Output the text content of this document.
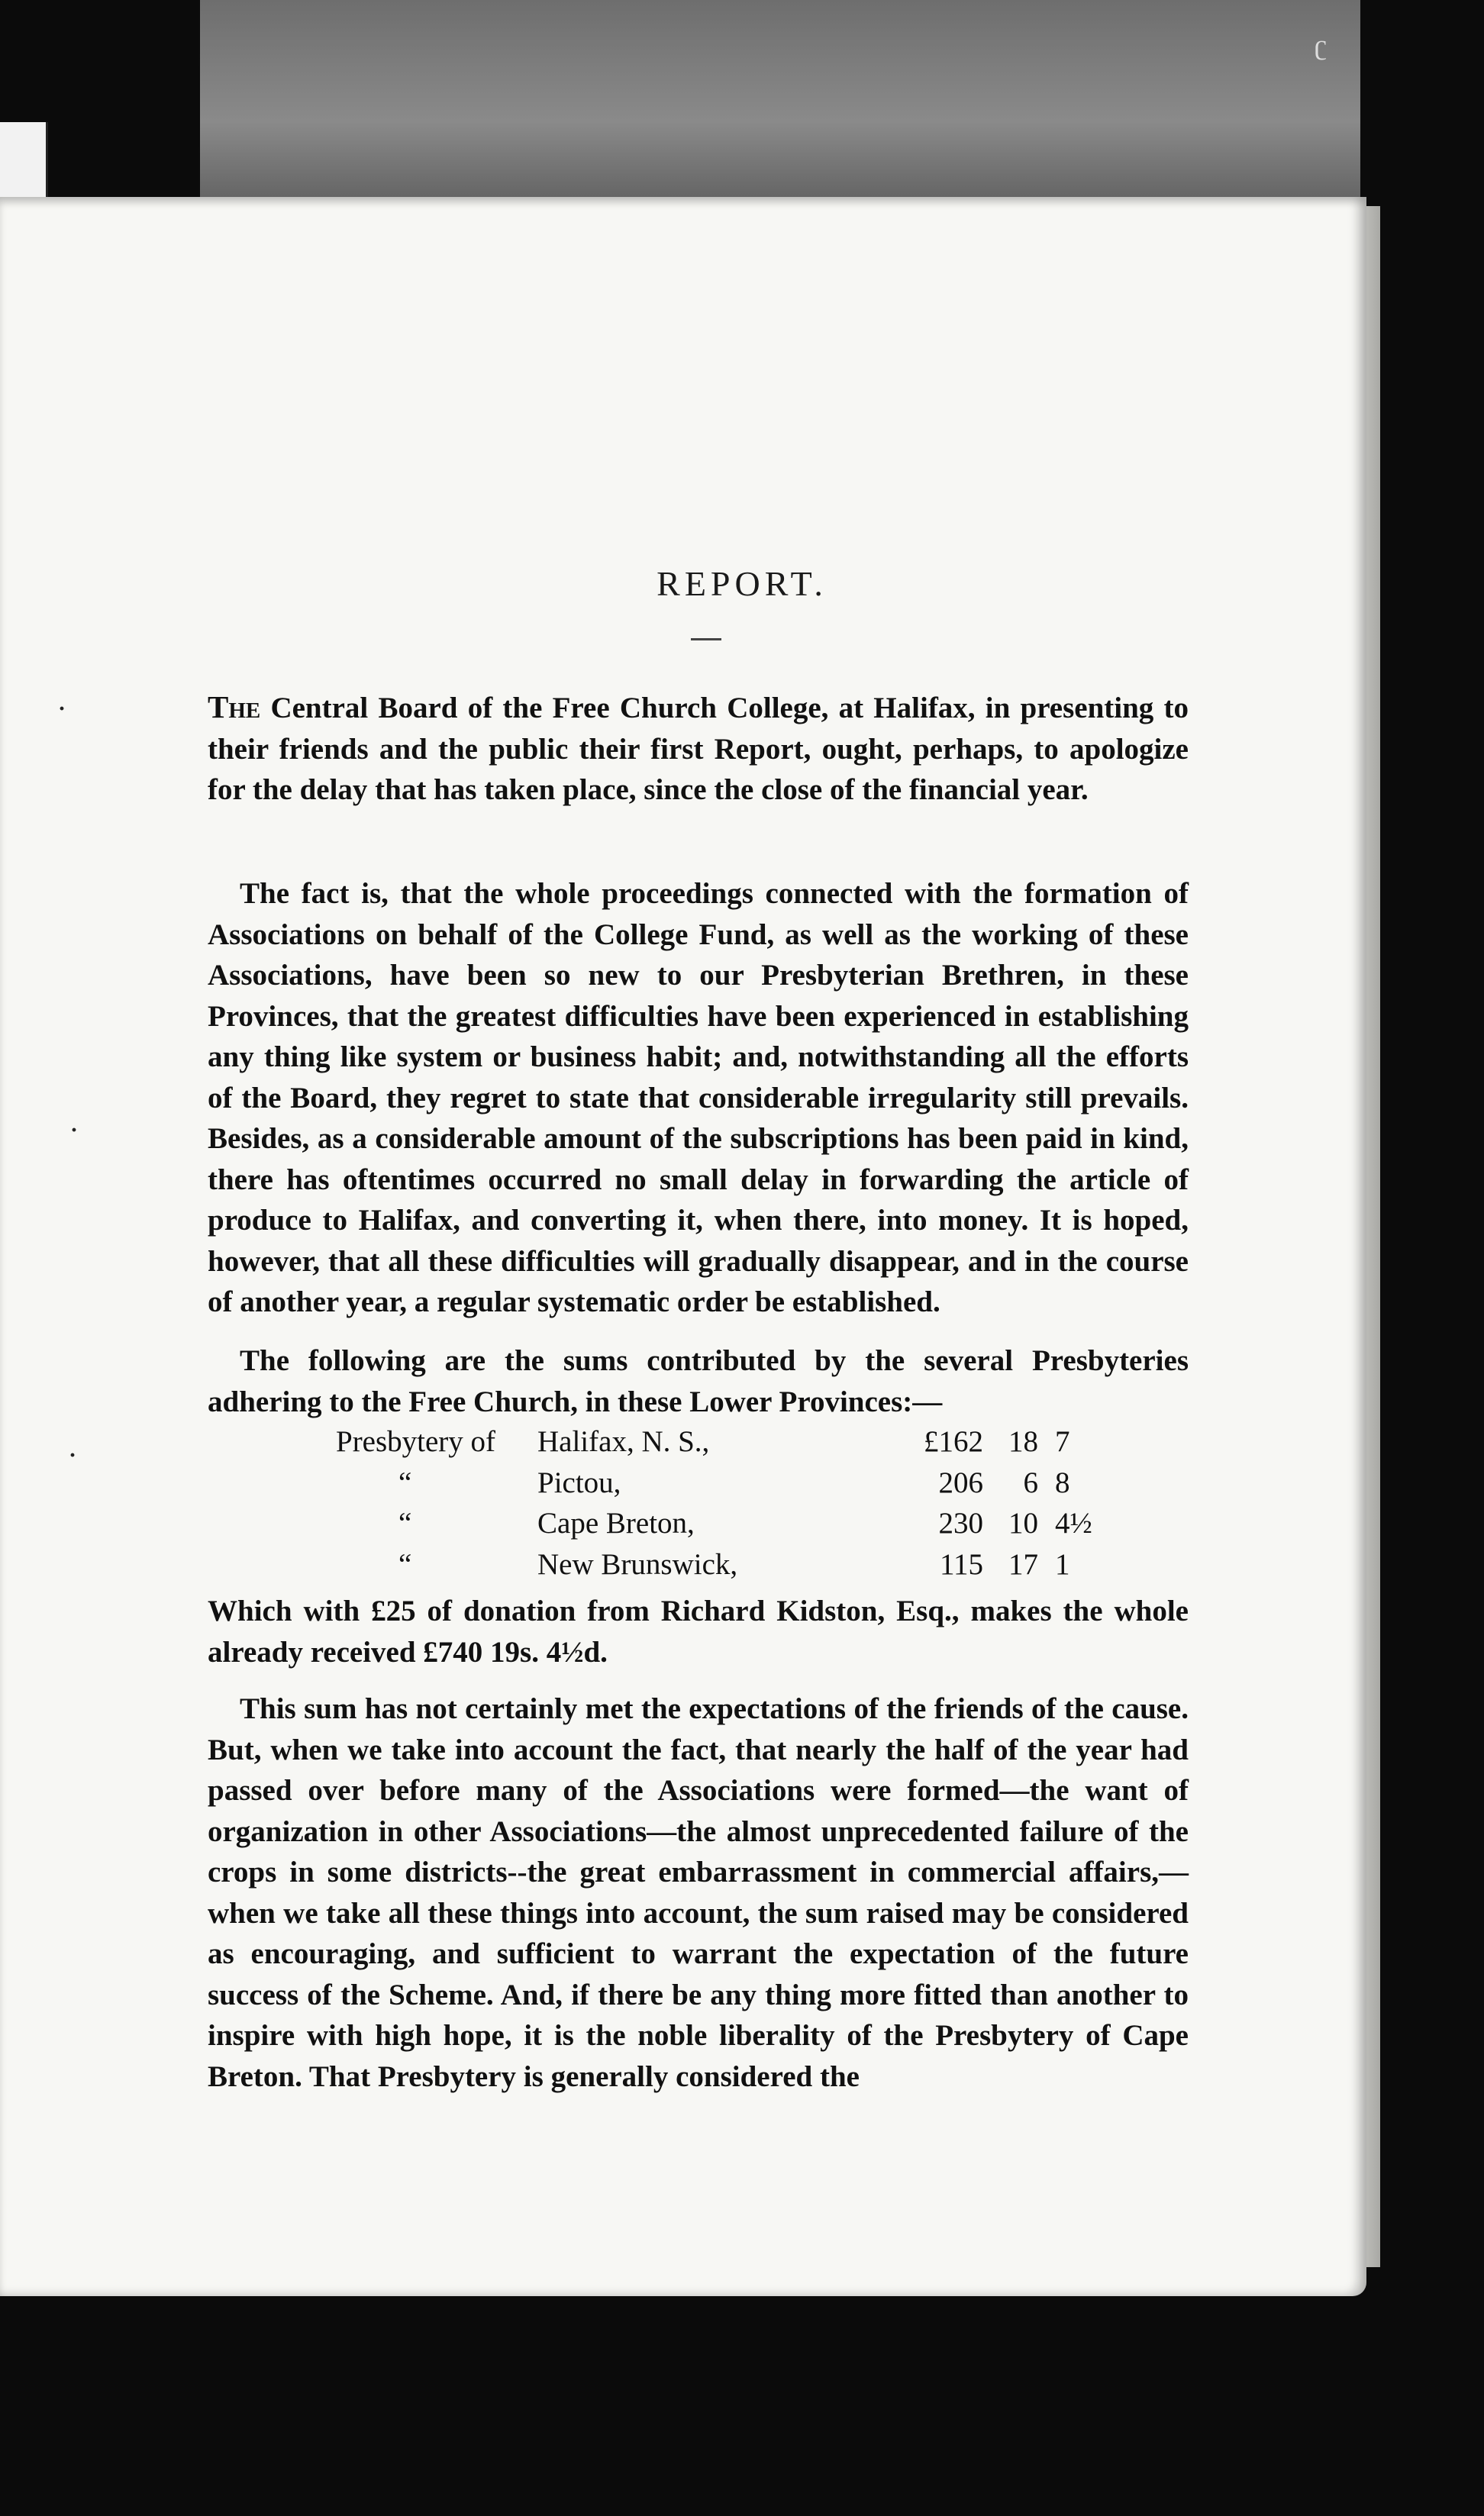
ʗ
REPORT.

The Central Board of the Free Church College, at Halifax, in presenting to their friends and the public their first Report, ought, perhaps, to apologize for the delay that has taken place, since the close of the financial year.

The fact is, that the whole proceedings connected with the formation of Associations on behalf of the College Fund, as well as the working of these Associations, have been so new to our Presbyterian Brethren, in these Provinces, that the greatest difficulties have been experienced in establishing any thing like system or business habit; and, notwithstanding all the efforts of the Board, they regret to state that considerable irregularity still prevails. Besides, as a considerable amount of the subscriptions has been paid in kind, there has oftentimes occurred no small delay in forwarding the article of produce to Halifax, and converting it, when there, into money. It is hoped, however, that all these difficulties will gradually disappear, and in the course of another year, a regular systematic order be established.

The following are the sums contributed by the several Presbyteries adhering to the Free Church, in these Lower Provinces:—

Presbytery of Halifax, N. S.,	£162 18 7
“	Pictou,	206	6 8
“	Cape Breton,	230 10 4½
“	New Brunswick,	115 17 1

Which with £25 of donation from Richard Kidston, Esq., makes the whole already received £740 19s. 4½d.

This sum has not certainly met the expectations of the friends of the cause. But, when we take into account the fact, that nearly the half of the year had passed over before many of the Associations were formed—the want of organization in other Associations—the almost unprecedented failure of the crops in some districts--the great embarrassment in commercial affairs,—when we take all these things into account, the sum raised may be considered as encouraging, and sufficient to warrant the expectation of the future success of the Scheme. And, if there be any thing more fitted than another to inspire with high hope, it is the noble liberality of the Presbytery of Cape Breton. That Presbytery is generally considered the

·
·
·
